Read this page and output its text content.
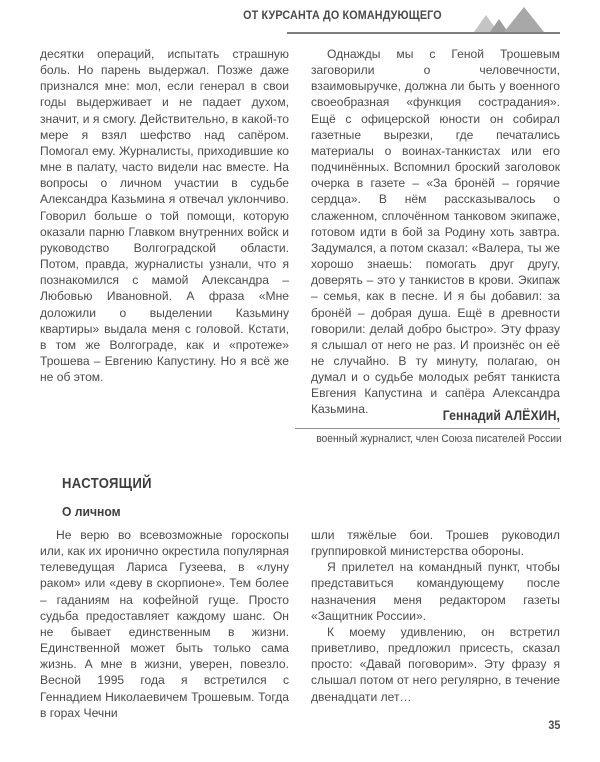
ОТ КУРСАНТА ДО КОМАНДУЮЩЕГО

десятки операций, испытать страшную боль. Но парень выдержал. Позже даже признался мне: мол, если генерал в свои годы выдерживает и не падает духом, значит, и я смогу. Действительно, в какой-то мере я взял шефство над сапёром. Помогал ему. Журналисты, приходившие ко мне в палату, часто видели нас вместе. На вопросы о личном участии в судьбе Александра Казьмина я отвечал уклончиво. Говорил больше о той помощи, которую оказали парню Главком внутренних войск и руководство Волгоградской области. Потом, правда, журналисты узнали, что я познакомился с мамой Александра – Любовью Ивановной. А фраза «Мне доложили о выделении Казьмину квартиры» выдала меня с головой. Кстати, в том же Волгограде, как и «протеже» Трошева – Евгению Капустину. Но я всё же не об этом.

Однажды мы с Геной Трошевым заговорили о человечности, взаимовыручке, должна ли быть у военного своеобразная «функция сострадания». Ещё с офицерской юности он собирал газетные вырезки, где печатались материалы о воинах-танкистах или его подчинённых. Вспомнил броский заголовок очерка в газете – «За бронёй – горячие сердца». В нём рассказывалось о слаженном, сплочённом танковом экипаже, готовом идти в бой за Родину хоть завтра. Задумался, а потом сказал: «Валера, ты же хорошо знаешь: помогать друг другу, доверять – это у танкистов в крови. Экипаж – семья, как в песне. И я бы добавил: за бронёй – добрая душа. Ещё в древности говорили: делай добро быстро». Эту фразу я слышал от него не раз. И произнёс он её не случайно. В ту минуту, полагаю, он думал и о судьбе молодых ребят танкиста Евгения Капустина и сапёра Александра Казьмина.	Геннадий АЛЁХИН,
военный журналист, член Союза писателей России
НАСТОЯЩИЙ
О личном

Не верю во всевозможные гороскопы или, как их иронично окрестила популярная телеведущая Лариса Гузеева, в «луну раком» или «деву в скорпионе». Тем более – гаданиям на кофейной гуще. Просто судьба предоставляет каждому шанс. Он не бывает единственным в жизни. Единственной может быть только сама жизнь. А мне в жизни, уверен, повезло. Весной 1995 года я встретился с Геннадием Николаевичем Трошевым. Тогда в горах Чечни

шли тяжёлые бои. Трошев руководил группировкой министерства обороны.

Я прилетел на командный пункт, чтобы представиться командующему после назначения меня редактором газеты «Защитник России».

К моему удивлению, он встретил приветливо, предложил присесть, сказал просто: «Давай поговорим». Эту фразу я слышал потом от него регулярно, в течение двенадцати лет…

35
